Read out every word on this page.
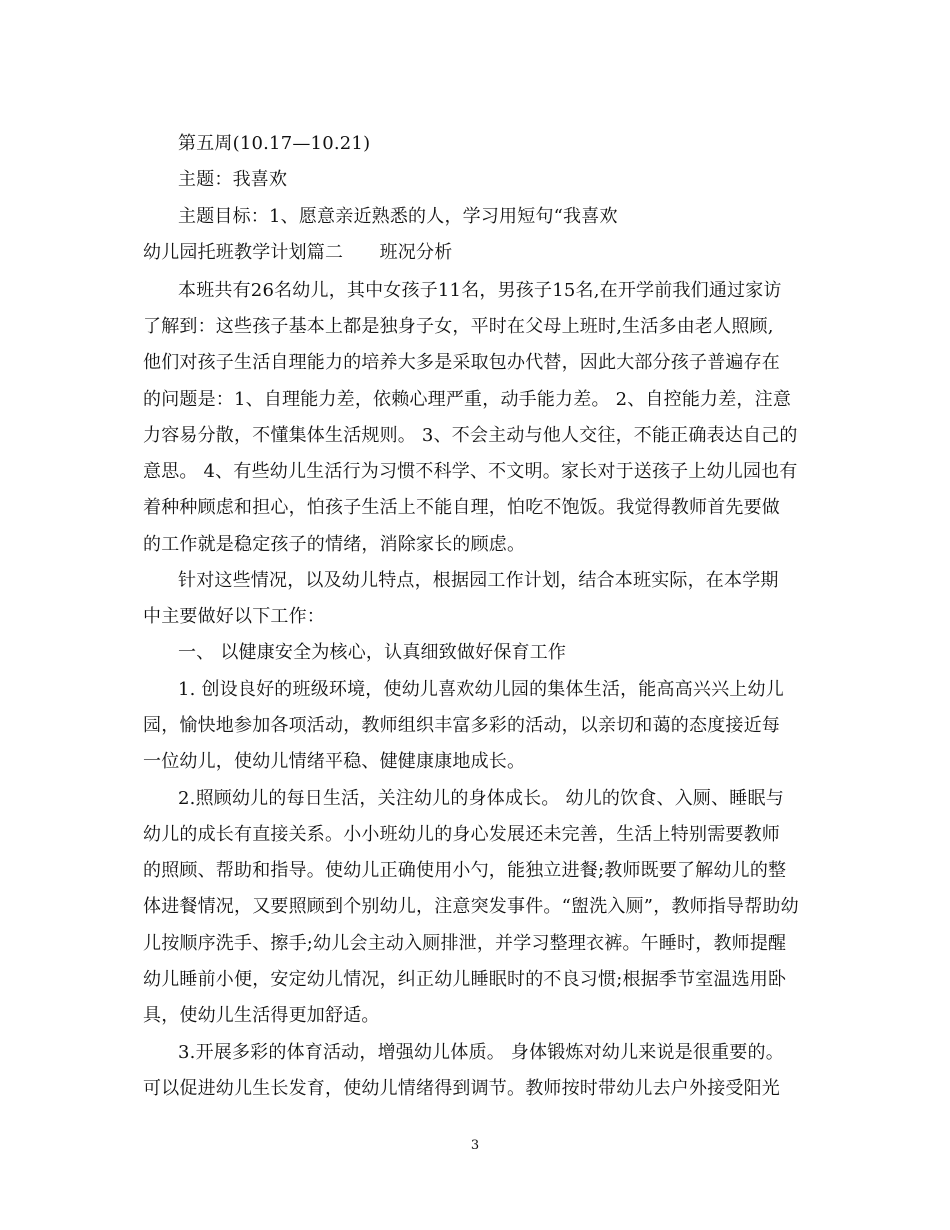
第五周(10.17—10.21)
主题：我喜欢
主题目标：1、愿意亲近熟悉的人，学习用短句“我喜欢
幼儿园托班教学计划篇二　　班况分析
本班共有26名幼儿，其中女孩子11名，男孩子15名,在开学前我们通过家访
了解到：这些孩子基本上都是独身子女，平时在父母上班时,生活多由老人照顾,
他们对孩子生活自理能力的培养大多是采取包办代替，因此大部分孩子普遍存在
的问题是：1、自理能力差，依赖心理严重，动手能力差。 2、自控能力差，注意
力容易分散，不懂集体生活规则。 3、不会主动与他人交往，不能正确表达自己的
意思。 4、有些幼儿生活行为习惯不科学、不文明。家长对于送孩子上幼儿园也有
着种种顾虑和担心，怕孩子生活上不能自理，怕吃不饱饭。我觉得教师首先要做
的工作就是稳定孩子的情绪，消除家长的顾虑。
针对这些情况，以及幼儿特点，根据园工作计划，结合本班实际，在本学期
中主要做好以下工作：
一、 以健康安全为核心，认真细致做好保育工作
1. 创设良好的班级环境，使幼儿喜欢幼儿园的集体生活，能高高兴兴上幼儿
园，愉快地参加各项活动，教师组织丰富多彩的活动，以亲切和蔼的态度接近每
一位幼儿，使幼儿情绪平稳、健健康康地成长。
2.照顾幼儿的每日生活，关注幼儿的身体成长。 幼儿的饮食、入厕、睡眠与
幼儿的成长有直接关系。小小班幼儿的身心发展还未完善，生活上特别需要教师
的照顾、帮助和指导。使幼儿正确使用小勺，能独立进餐;教师既要了解幼儿的整
体进餐情况，又要照顾到个别幼儿，注意突发事件。“盥洗入厕”，教师指导帮助幼
儿按顺序洗手、擦手;幼儿会主动入厕排泄，并学习整理衣裤。午睡时，教师提醒
幼儿睡前小便，安定幼儿情况，纠正幼儿睡眠时的不良习惯;根据季节室温选用卧
具，使幼儿生活得更加舒适。
3.开展多彩的体育活动，增强幼儿体质。 身体锻炼对幼儿来说是很重要的。
可以促进幼儿生长发育，使幼儿情绪得到调节。教师按时带幼儿去户外接受阳光
3
